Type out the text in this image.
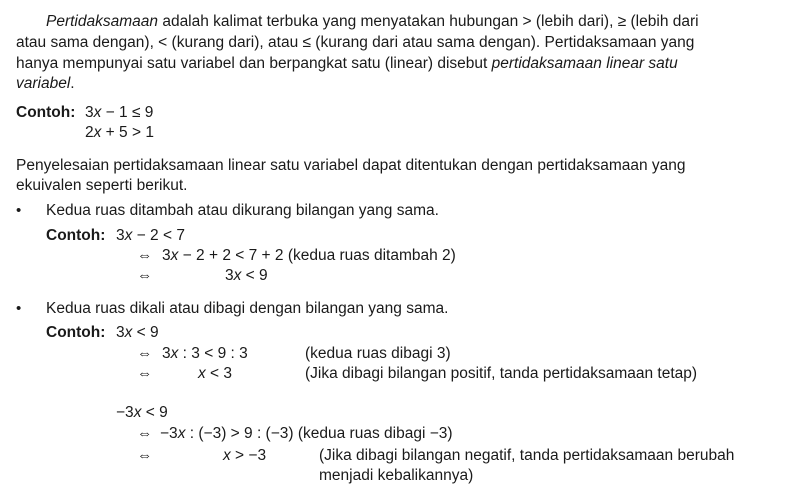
Pertidaksamaan adalah kalimat terbuka yang menyatakan hubungan > (lebih dari), ≥ (lebih dari
atau sama dengan), < (kurang dari), atau ≤ (kurang dari atau sama dengan). Pertidaksamaan yang
hanya mempunyai satu variabel dan berpangkat satu (linear) disebut pertidaksamaan linear satu
variabel.
Contoh: 3x − 1 ≤ 9
2x + 5 > 1
Penyelesaian pertidaksamaan linear satu variabel dapat ditentukan dengan pertidaksamaan yang
ekuivalen seperti berikut.
• Kedua ruas ditambah atau dikurang bilangan yang sama.
Contoh: 3x − 2 < 7
⇔ 3x − 2 + 2 < 7 + 2 (kedua ruas ditambah 2)
⇔	3x < 9
• Kedua ruas dikali atau dibagi dengan bilangan yang sama.
Contoh: 3x < 9
⇔ 3x : 3 < 9 : 3	(kedua ruas dibagi 3)
⇔	x < 3	(Jika dibagi bilangan positif, tanda pertidaksamaan tetap)
−3x < 9
⇔ −3x : (−3) > 9 : (−3) (kedua ruas dibagi −3)
⇔	x > −3	(Jika dibagi bilangan negatif, tanda pertidaksamaan berubah
menjadi kebalikannya)
